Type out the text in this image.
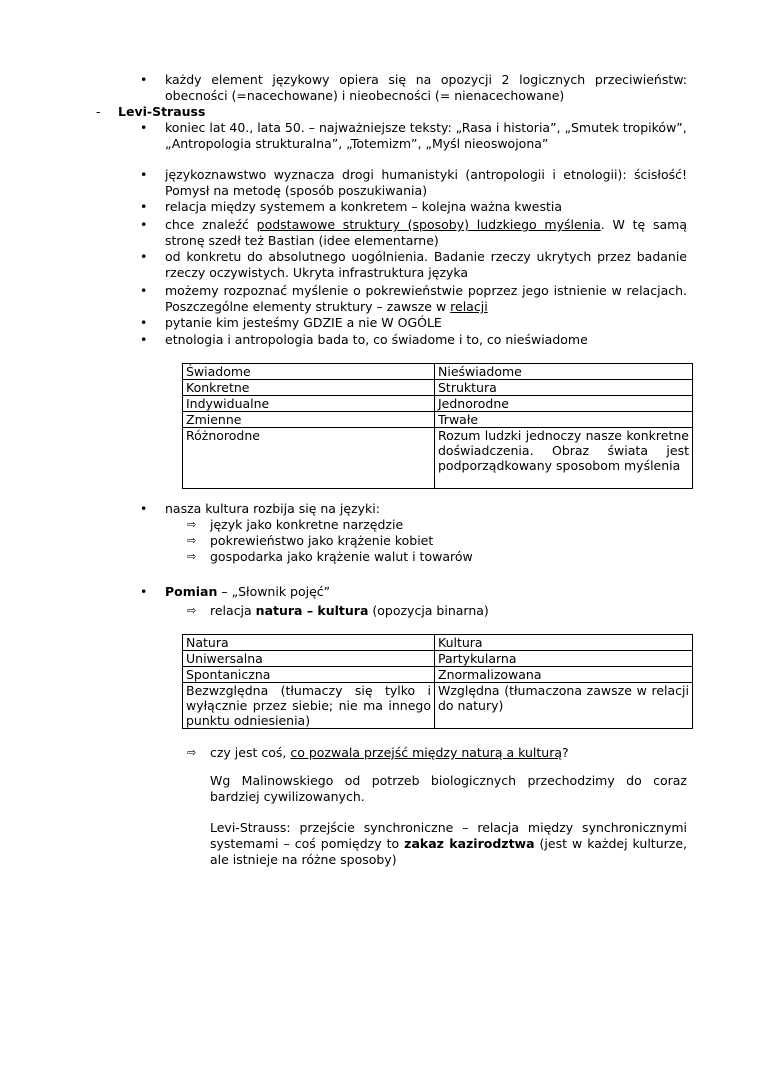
• każdy element językowy opiera się na opozycji 2 logicznych przeciwieństw: obecności (=nacechowane) i nieobecności (= nienacechowane)
- Levi-Strauss
• koniec lat 40., lata 50. – najważniejsze teksty: „Rasa i historia”, „Smutek tropików”,
„Antropologia strukturalna”, „Totemizm”, „Myśl nieoswojona”
• językoznawstwo wyznacza drogi humanistyki (antropologii i etnologii): ścisłość! Pomysł na metodę (sposób poszukiwania)
• relacja między systemem a konkretem – kolejna ważna kwestia
• chce znaleźć podstawowe struktury (sposoby) ludzkiego myślenia. W tę samą stronę szedł też Bastian (idee elementarne)
• od konkretu do absolutnego uogólnienia. Badanie rzeczy ukrytych przez badanie rzeczy oczywistych. Ukryta infrastruktura języka
• możemy rozpoznać myślenie o pokrewieństwie poprzez jego istnienie w relacjach. Poszczególne elementy struktury – zawsze w relacji
• pytanie kim jesteśmy GDZIE a nie W OGÓLE
• etnologia i antropologia bada to, co świadome i to, co nieświadome
Świadome	Nieświadome
Konkretne	Struktura
Indywidualne	Jednorodne
Zmienne	Trwałe
Różnorodne	Rozum ludzki jednoczy nasze konkretne doświadczenia. Obraz świata jest podporządkowany sposobom myślenia
• nasza kultura rozbija się na języki:
⇨ język jako konkretne narzędzie
⇨ pokrewieństwo jako krążenie kobiet
⇨ gospodarka jako krążenie walut i towarów
• Pomian – „Słownik pojęć”
⇨ relacja natura – kultura (opozycja binarna)
Natura	Kultura
Uniwersalna	Partykularna
Spontaniczna	Znormalizowana
Bezwzględna (tłumaczy się tylko i wyłącznie przez siebie; nie ma innego punktu odniesienia)	Względna (tłumaczona zawsze w relacji do natury)
⇨ czy jest coś, co pozwala przejść między naturą a kulturą?
Wg Malinowskiego od potrzeb biologicznych przechodzimy do coraz bardziej cywilizowanych.
Levi-Strauss: przejście synchroniczne – relacja między synchronicznymi systemami – coś pomiędzy to zakaz kazirodztwa (jest w każdej kulturze, ale istnieje na różne sposoby)
